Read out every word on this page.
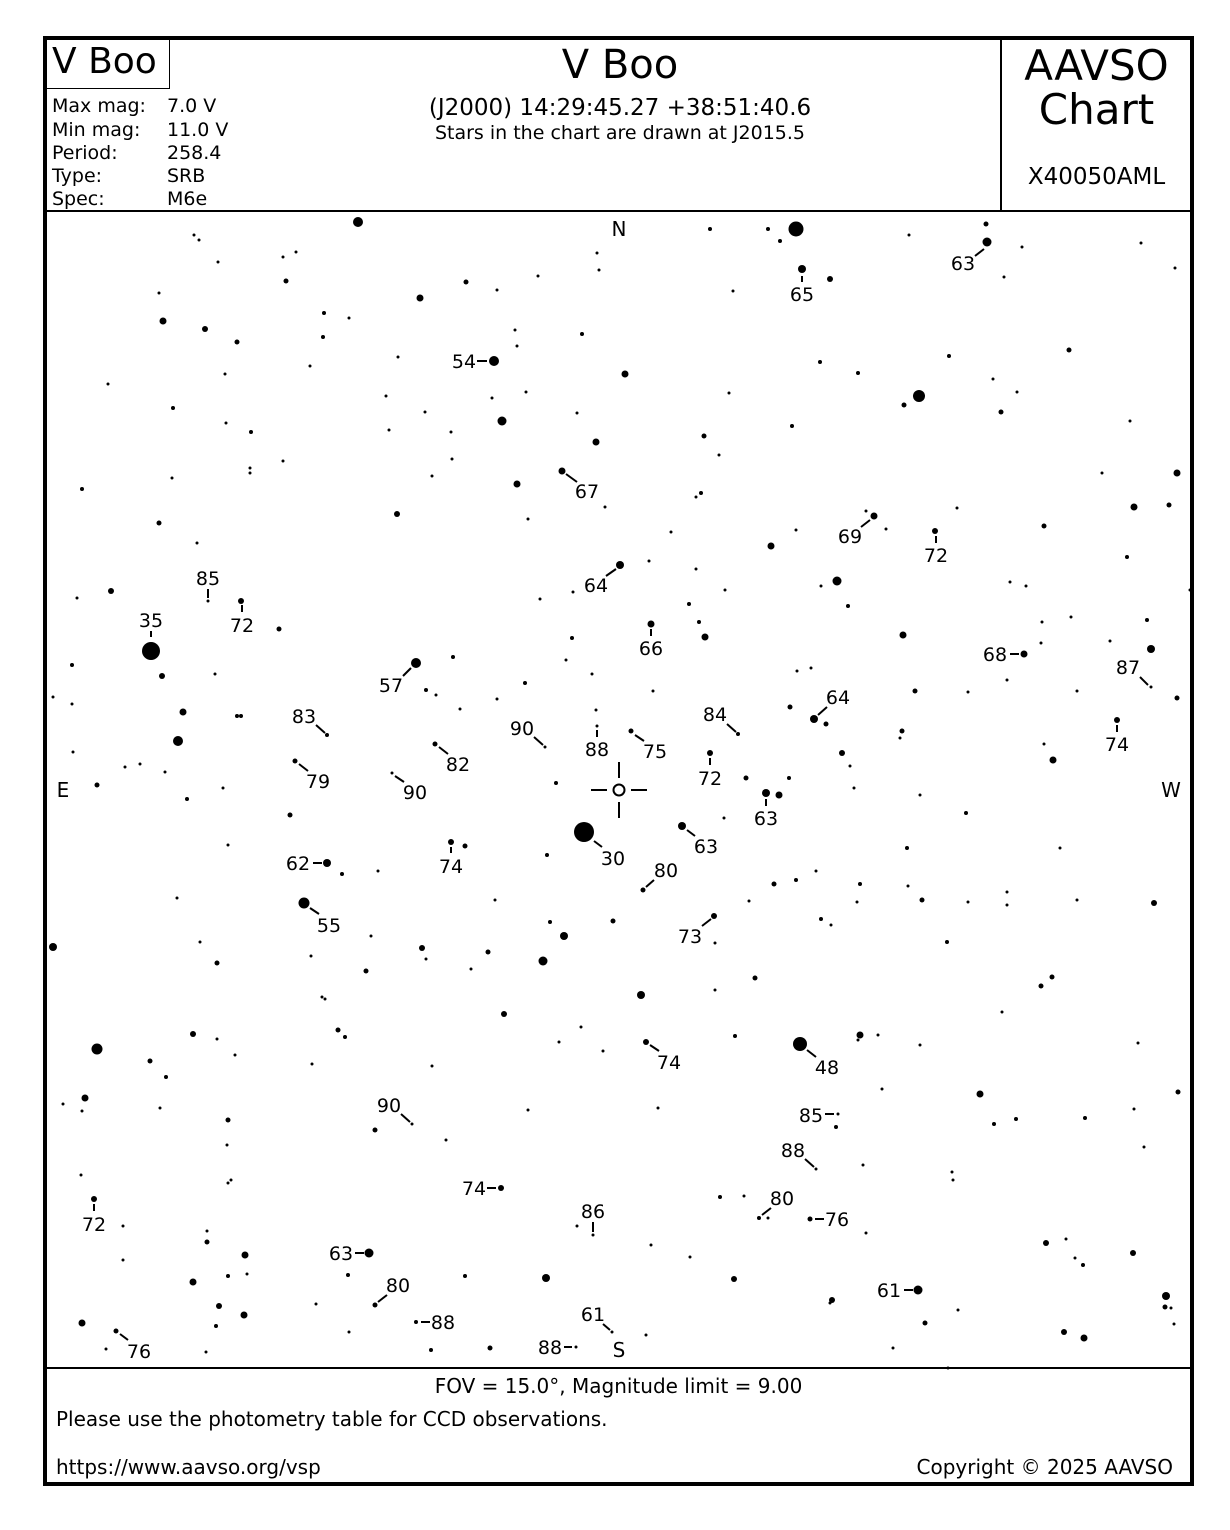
V Boo	V Boo
(J2000) 14:29:45.27 +38:51:40.6
Stars in the chart are drawn at J2015.5
AAVSO
Chart
X40050AML
Max mag: 7.0 V
Min mag: 11.0 V
Period:	258.4
Type:	SRB
Spec:	M6e
63
65
54
67
69
72
64
85
72
35
66	68
87
57
64
74
83	84
90
88 75
82
72
79	90
63
30
63
74
62	80
55	73
74	48
90	85
88
74	80
76
72
86
63
61
80
61
88
88
76
N
S
E	W
FOV = 15.0°, Magnitude limit = 9.00
Please use the photometry table for CCD observations.
https://www.aavso.org/vsp	Copyright © 2025 AAVSO
